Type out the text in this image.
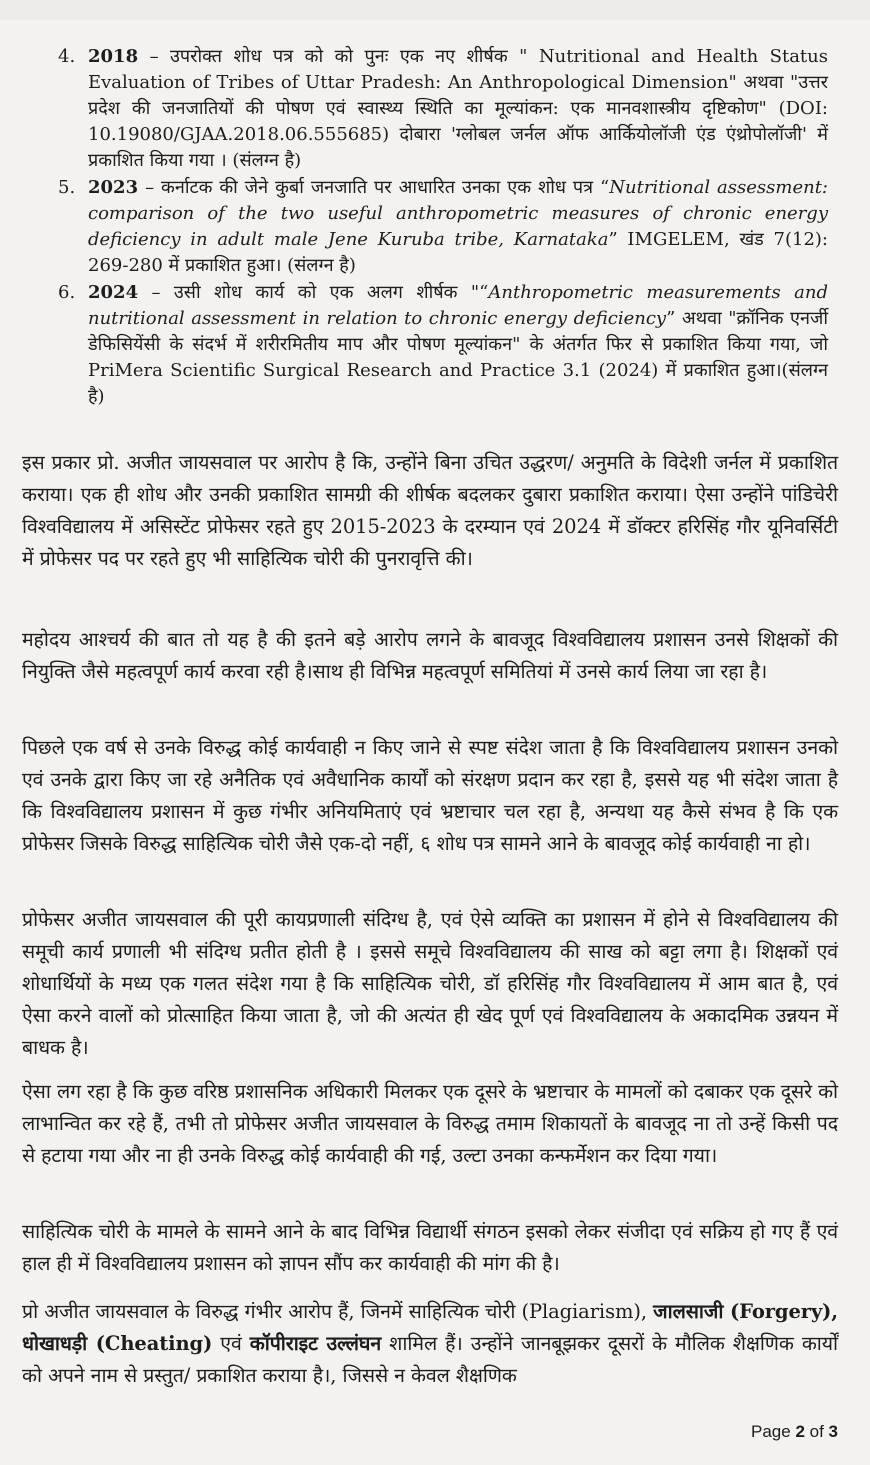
4. 2018 – उपरोक्त शोध पत्र को को पुनः एक नए शीर्षक " Nutritional and Health Status Evaluation of Tribes of Uttar Pradesh: An Anthropological Dimension" अथवा "उत्तर प्रदेश की जनजातियों की पोषण एवं स्वास्थ्य स्थिति का मूल्यांकन: एक मानवशास्त्रीय दृष्टिकोण" (DOI: 10.19080/GJAA.2018.06.555685) दोबारा 'ग्लोबल जर्नल ऑफ आर्कियोलॉजी एंड एंथ्रोपोलॉजी' में प्रकाशित किया गया । (संलग्न है)
5. 2023 – कर्नाटक की जेने कुर्बा जनजाति पर आधारित उनका एक शोध पत्र “Nutritional assessment: comparison of the two useful anthropometric measures of chronic energy deficiency in adult male Jene Kuruba tribe, Karnataka” IMGELEM, खंड 7(12): 269-280 में प्रकाशित हुआ। (संलग्न है)
6. 2024 – उसी शोध कार्य को एक अलग शीर्षक "“Anthropometric measurements and nutritional assessment in relation to chronic energy deficiency” अथवा "क्रॉनिक एनर्जी डेफिसियेंसी के संदर्भ में शरीरमितीय माप और पोषण मूल्यांकन" के अंतर्गत फिर से प्रकाशित किया गया, जो PriMera Scientific Surgical Research and Practice 3.1 (2024) में प्रकाशित हुआ।(संलग्न है)

इस प्रकार प्रो. अजीत जायसवाल पर आरोप है कि, उन्होंने बिना उचित उद्धरण/ अनुमति के विदेशी जर्नल में प्रकाशित कराया। एक ही शोध और उनकी प्रकाशित सामग्री की शीर्षक बदलकर दुबारा प्रकाशित कराया। ऐसा उन्होंने पांडिचेरी विश्वविद्यालय में असिस्टेंट प्रोफेसर रहते हुए 2015-2023 के दरम्यान एवं 2024 में डॉक्टर हरिसिंह गौर यूनिवर्सिटी में प्रोफेसर पद पर रहते हुए भी साहित्यिक चोरी की पुनरावृत्ति की।

महोदय आश्चर्य की बात तो यह है की इतने बड़े आरोप लगने के बावजूद विश्वविद्यालय प्रशासन उनसे शिक्षकों की नियुक्ति जैसे महत्वपूर्ण कार्य करवा रही है।साथ ही विभिन्न महत्वपूर्ण समितियां में उनसे कार्य लिया जा रहा है।

पिछले एक वर्ष से उनके विरुद्ध कोई कार्यवाही न किए जाने से स्पष्ट संदेश जाता है कि विश्वविद्यालय प्रशासन उनको एवं उनके द्वारा किए जा रहे अनैतिक एवं अवैधानिक कार्यों को संरक्षण प्रदान कर रहा है, इससे यह भी संदेश जाता है कि विश्वविद्यालय प्रशासन में कुछ गंभीर अनियमिताएं एवं भ्रष्टाचार चल रहा है, अन्यथा यह कैसे संभव है कि एक प्रोफेसर जिसके विरुद्ध साहित्यिक चोरी जैसे एक-दो नहीं, ६ शोध पत्र सामने आने के बावजूद कोई कार्यवाही ना हो।

प्रोफेसर अजीत जायसवाल की पूरी कायप्रणाली संदिग्ध है, एवं ऐसे व्यक्ति का प्रशासन में होने से विश्वविद्यालय की समूची कार्य प्रणाली भी संदिग्ध प्रतीत होती है । इससे समूचे विश्वविद्यालय की साख को बट्टा लगा है। शिक्षकों एवं शोधार्थियों के मध्य एक गलत संदेश गया है कि साहित्यिक चोरी, डॉ हरिसिंह गौर विश्वविद्यालय में आम बात है, एवं ऐसा करने वालों को प्रोत्साहित किया जाता है, जो की अत्यंत ही खेद पूर्ण एवं विश्वविद्यालय के अकादमिक उन्नयन में बाधक है।

ऐसा लग रहा है कि कुछ वरिष्ठ प्रशासनिक अधिकारी मिलकर एक दूसरे के भ्रष्टाचार के मामलों को दबाकर एक दूसरे को लाभान्वित कर रहे हैं, तभी तो प्रोफेसर अजीत जायसवाल के विरुद्ध तमाम शिकायतों के बावजूद ना तो उन्हें किसी पद से हटाया गया और ना ही उनके विरुद्ध कोई कार्यवाही की गई, उल्टा उनका कन्फर्मेशन कर दिया गया।

साहित्यिक चोरी के मामले के सामने आने के बाद विभिन्न विद्यार्थी संगठन इसको लेकर संजीदा एवं सक्रिय हो गए हैं एवं हाल ही में विश्वविद्यालय प्रशासन को ज्ञापन सौंप कर कार्यवाही की मांग की है।

प्रो अजीत जायसवाल के विरुद्ध गंभीर आरोप हैं, जिनमें साहित्यिक चोरी (Plagiarism), जालसाजी (Forgery), धोखाधड़ी (Cheating) एवं कॉपीराइट उल्लंघन शामिल हैं। उन्होंने जानबूझकर दूसरों के मौलिक शैक्षणिक कार्यों को अपने नाम से प्रस्तुत/ प्रकाशित कराया है।, जिससे न केवल शैक्षणिक

Page 2 of 3
